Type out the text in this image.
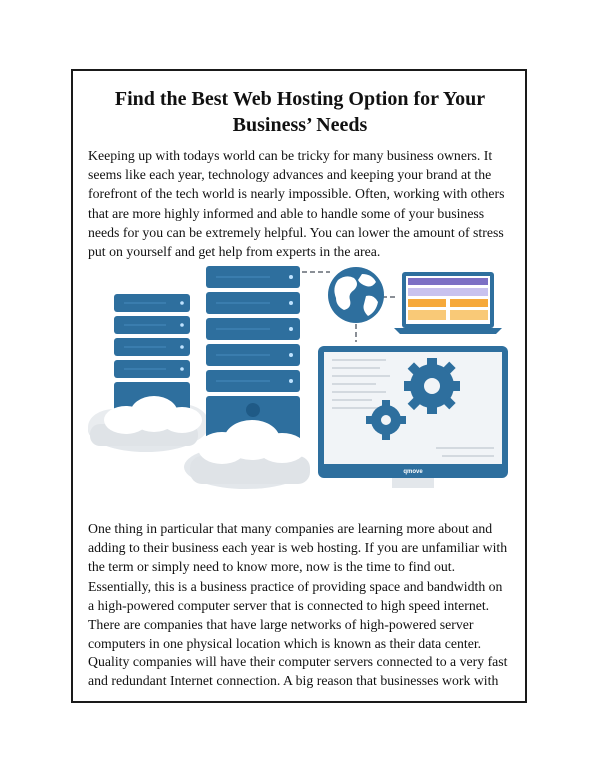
Find the Best Web Hosting Option for Your Business’ Needs

Keeping up with todays world can be tricky for many business owners. It seems like each year, technology advances and keeping your brand at the forefront of the tech world is nearly impossible. Often, working with others that are more highly informed and able to handle some of your business needs for you can be extremely helpful. You can lower the amount of stress put on yourself and get help from experts in the area.

qmove

One thing in particular that many companies are learning more about and adding to their business each year is web hosting. If you are unfamiliar with the term or simply need to know more, now is the time to find out. Essentially, this is a business practice of providing space and bandwidth on a high-powered computer server that is connected to high speed internet. There are companies that have large networks of high-powered server computers in one physical location which is known as their data center.

Quality companies will have their computer servers connected to a very fast and redundant Internet connection. A big reason that businesses work with
